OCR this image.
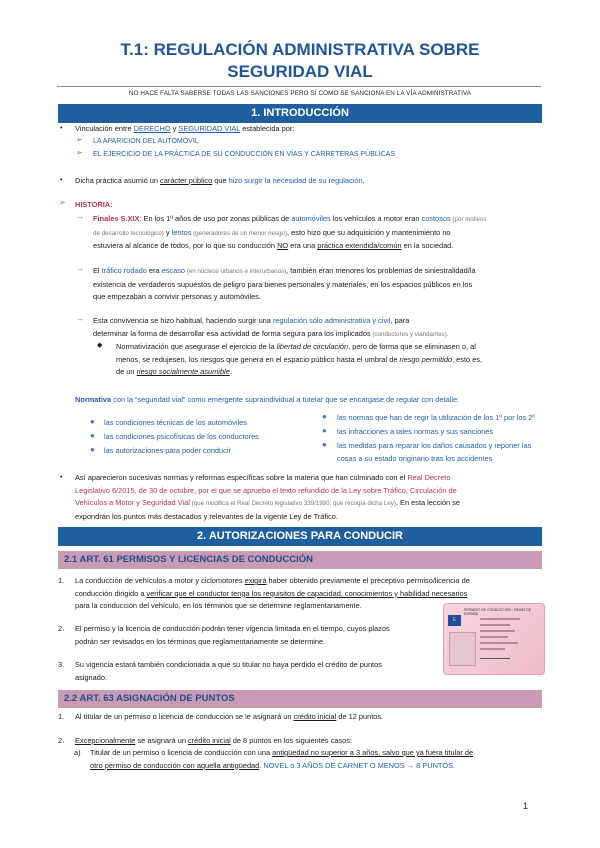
T.1: REGULACIÓN ADMINISTRATIVA SOBRE
SEGURIDAD VIAL
NO HACE FALTA SABERSE TODAS LAS SANCIONES PERO SÍ COMO SE SANCIONA EN LA VÍA ADMINISTRATIVA
1. INTRODUCCIÓN
• Vinculación entre DERECHO y SEGURIDAD VIAL establecida por:
➢ LA APARICIÓN DEL AUTOMÓVIL
➢ EL EJERCICIO DE LA PRÁCTICA DE SU CONDUCCIÓN EN VÍAS Y CARRETERAS PÚBLICAS
• Dicha práctica asumió un carácter público que hizo surgir la necesidad de su regulación.
➢ HISTORIA:
→ Finales S.XIX: En los 1º años de uso por zonas públicas de automóviles los vehículos a motor eran costosos (por motivos
de desarrollo tecnológico) y lentos (generadores de un menor riesgo), esto hizo que su adquisición y mantenimiento no
estuviera al alcance de todos, por lo que su conducción NO era una práctica extendida/común en la sociedad.
→ El tráfico rodado era escaso (en núcleos urbanos e interurbanos), también eran menores los problemas de siniestralidad/la
existencia de verdaderos supuestos de peligro para bienes personales y materiales, en los espacios públicos en los
que empezaban a convivir personas y automóviles.
→ Esta convivencia se hizo habitual, haciendo surgir una regulación sólo administrativa y civil, para
determinar la forma de desarrollar esa actividad de forma segura para los implicados (conductores y viandantes).
◆ Normativización que asegurase el ejercicio de la libertad de circulación, pero de forma que se eliminasen o, al
menos, se redujesen, los riesgos que genera en el espacio público hasta el umbral de riesgo permitido, esto es,
de un riesgo socialmente asumible.
Normativa con la “seguridad vial” como emergente supraindividual a tutelar que se encargase de regular con detalle:
● las condiciones técnicas de los automóviles
● las condiciones psicofísicas de los conductores
● las autorizaciones para poder conducir
● las normas que han de regir la utilización de los 1º por los 2º
● las infracciones a tales normas y sus sanciones
● las medidas para reparar los daños causados y reponer las
cosas a su estado originario tras los accidentes
• Así aparecieron sucesivas normas y reformas específicas sobre la materia que han culminado con el Real Decreto
Legislativo 6/2015, de 30 de octubre, por el que se aprueba el texto refundido de la Ley sobre Tráfico, Circulación de
Vehículos a Motor y Seguridad Vial (que modifica el Real Decreto legislativo 339/1990, que recogía dicha Ley). En esta lección se
expondrán los puntos más destacados y relevantes de la vigente Ley de Tráfico.
2. AUTORIZACIONES PARA CONDUCIR
2.1 ART. 61 PERMISOS Y LICENCIAS DE CONDUCCIÓN
1. La conducción de vehículos a motor y ciclomotores exigirá haber obtenido previamente el preceptivo permiso/licencia de
conducción dirigido a verificar que el conductor tenga los requisitos de capacidad, conocimientos y habilidad necesarios
para la conducción del vehículo, en los términos que se determine reglamentariamente.
2. El permiso y la licencia de conducción podrán tener vigencia limitada en el tiempo, cuyos plazos
podrán ser revisados en los términos que reglamentariamente se determine.
3. Su vigencia estará también condicionada a que su titular no haya perdido el crédito de puntos
asignado.
PERMISO DE CONDUCCIÓN · REINO DE ESPAÑA
E
2.2 ART. 63 ASIGNACIÓN DE PUNTOS
1. Al titular de un permiso o licencia de conducción se le asignará un crédito inicial de 12 puntos.
2. Excepcionalmente se asignará un crédito inicial de 8 puntos en los siguientes casos:
a) Titular de un permiso o licencia de conducción con una antigüedad no superior a 3 años, salvo que ya fuera titular de
otro permiso de conducción con aquella antigüedad. NOVEL o 3 AÑOS DE CARNET O MENOS → 8 PUNTOS.
1
